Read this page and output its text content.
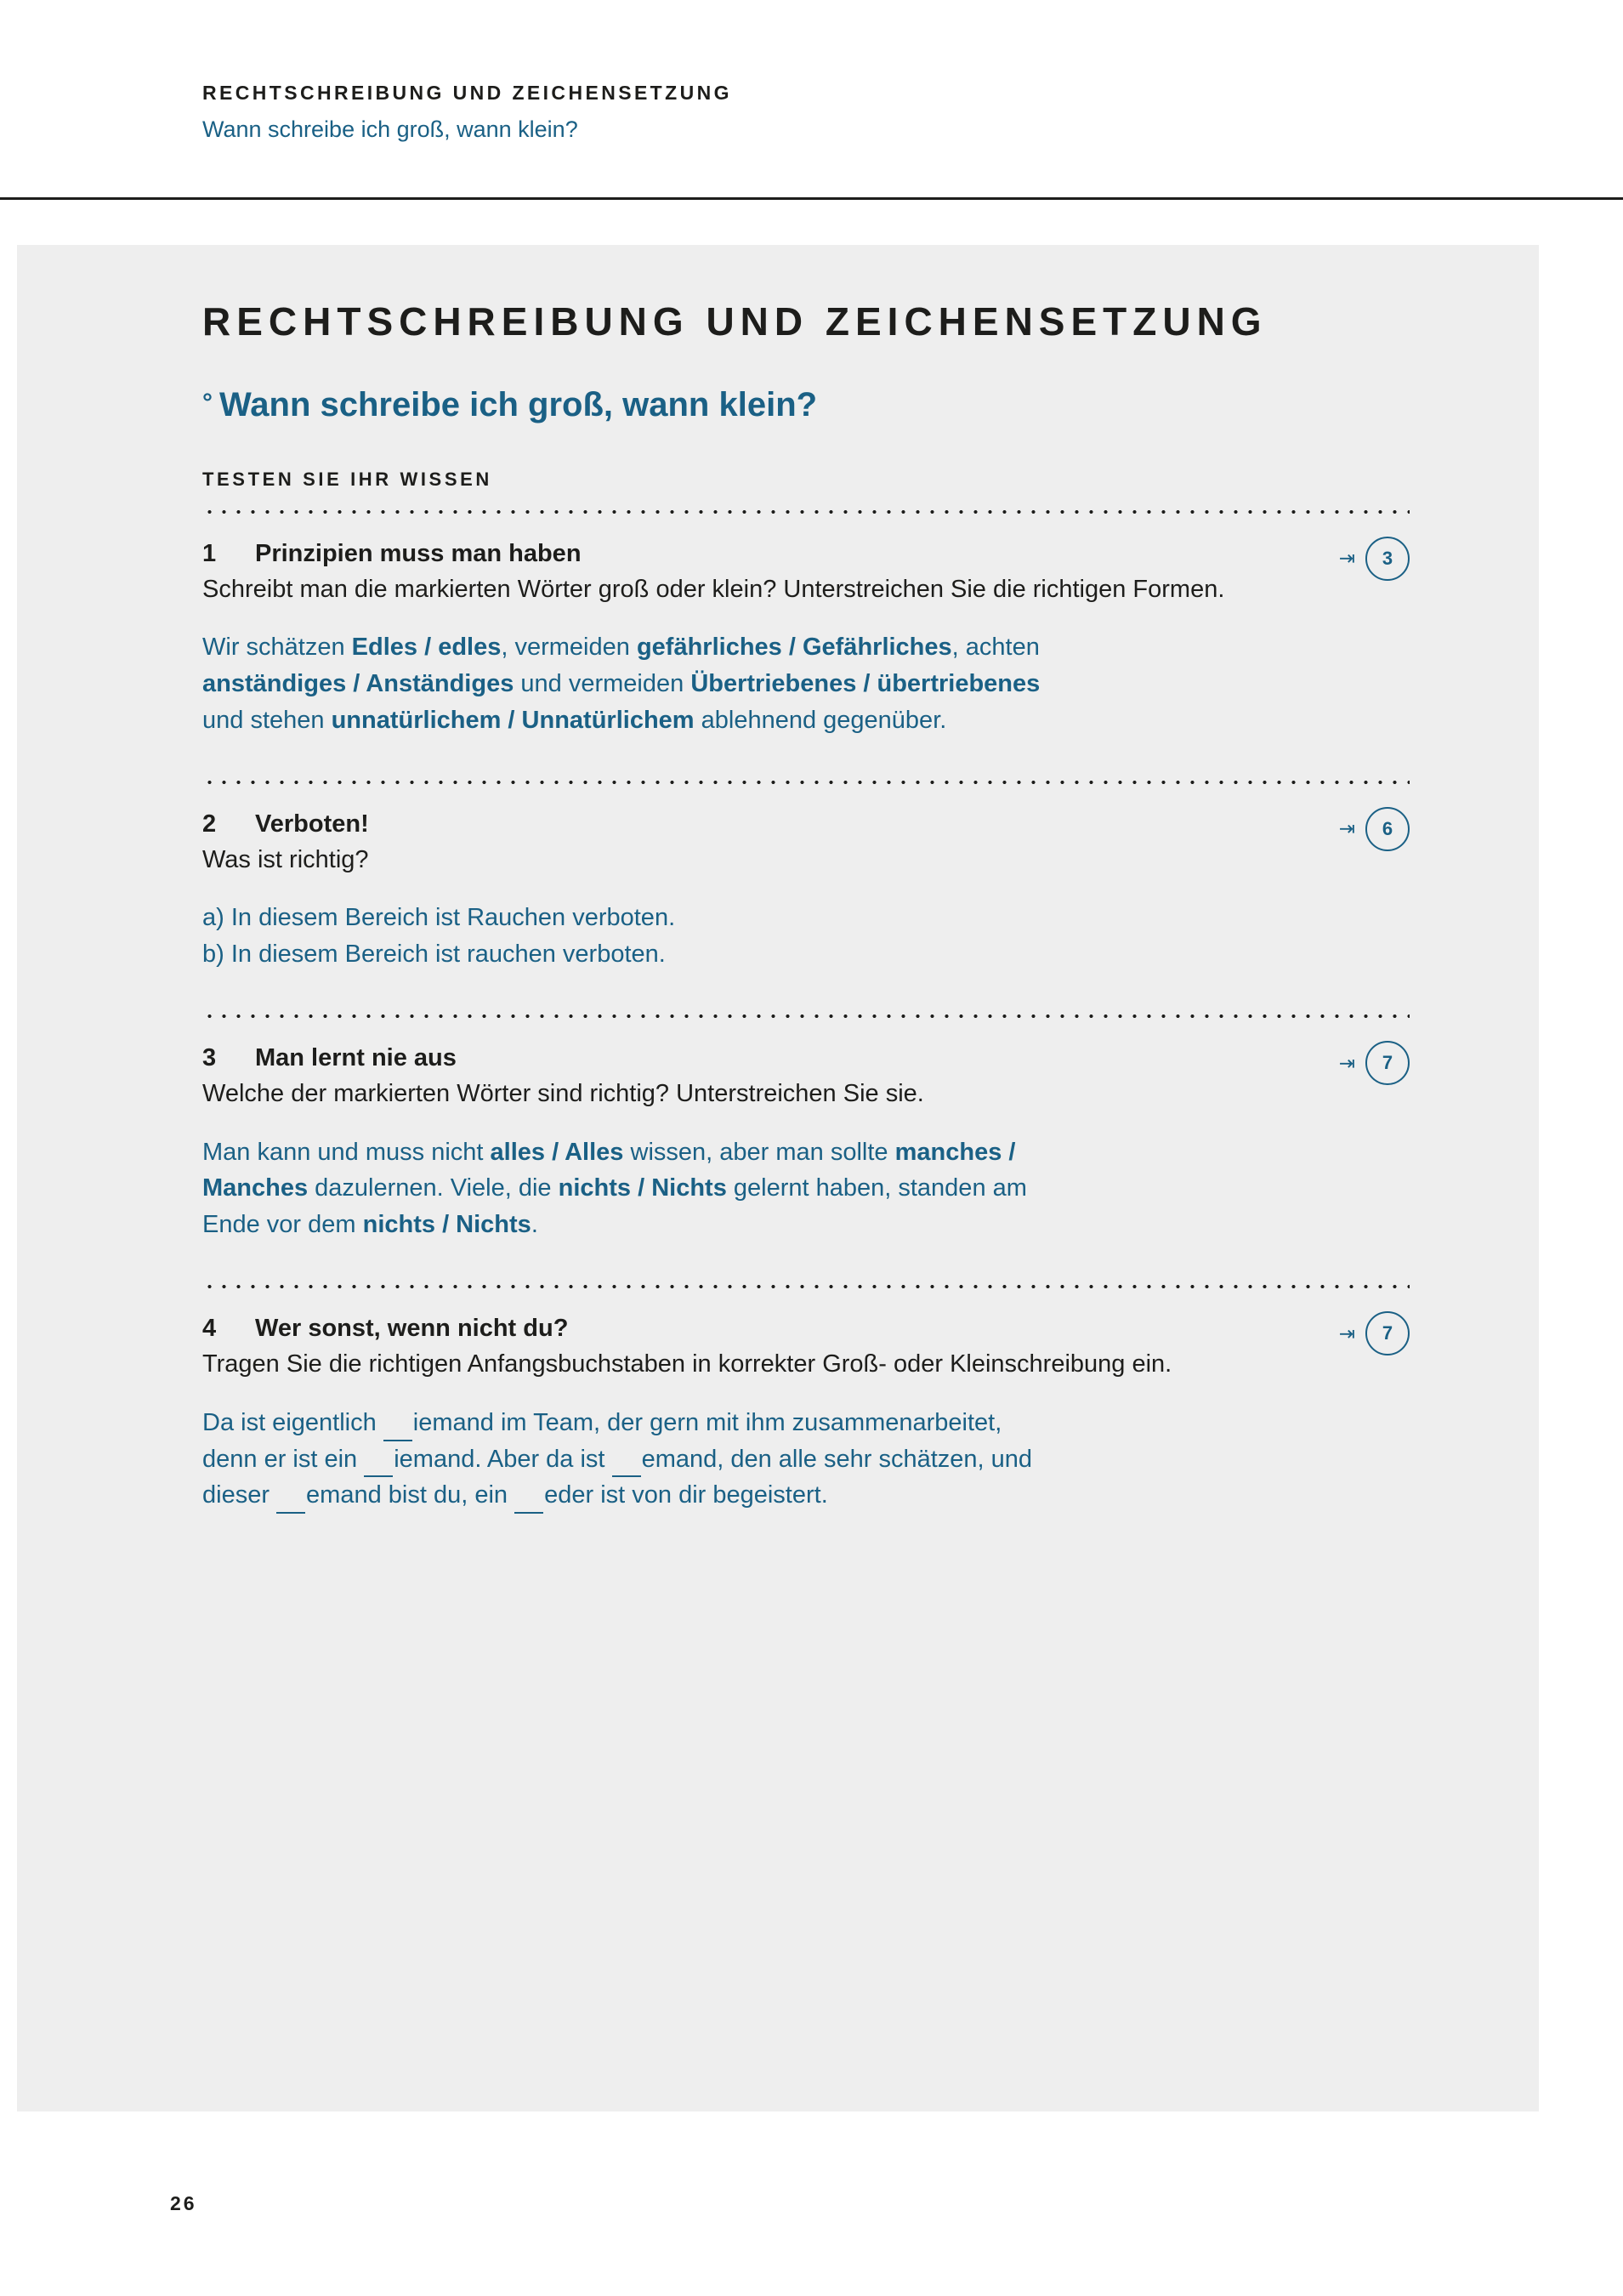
RECHTSCHREIBUNG UND ZEICHENSETZUNG
Wann schreibe ich groß, wann klein?
RECHTSCHREIBUNG UND ZEICHENSETZUNG
° Wann schreibe ich groß, wann klein?
TESTEN SIE IHR WISSEN
⇥	3
1	Prinzipien muss man haben
Schreibt man die markierten Wörter groß oder klein? Unterstreichen Sie die richtigen Formen.
Wir schätzen Edles / edles, vermeiden gefährliches / Gefährliches, achten
anständiges / Anständiges und vermeiden Übertriebenes / übertriebenes
und stehen unnatürlichem / Unnatürlichem ablehnend gegenüber.
⇥	6
2	Verboten!
Was ist richtig?
a) In diesem Bereich ist Rauchen verboten.
b) In diesem Bereich ist rauchen verboten.
⇥	7
3	Man lernt nie aus
Welche der markierten Wörter sind richtig? Unterstreichen Sie sie.
Man kann und muss nicht alles / Alles wissen, aber man sollte manches /
Manches dazulernen. Viele, die nichts / Nichts gelernt haben, standen am
Ende vor dem nichts / Nichts.
⇥	7
4	Wer sonst, wenn nicht du?
Tragen Sie die richtigen Anfangsbuchstaben in korrekter Groß- oder Kleinschreibung ein.
Da ist eigentlich iemand im Team, der gern mit ihm zusammenarbeitet,
denn er ist ein iemand. Aber da ist emand, den alle sehr schätzen, und
dieser emand bist du, ein eder ist von dir begeistert.
26
